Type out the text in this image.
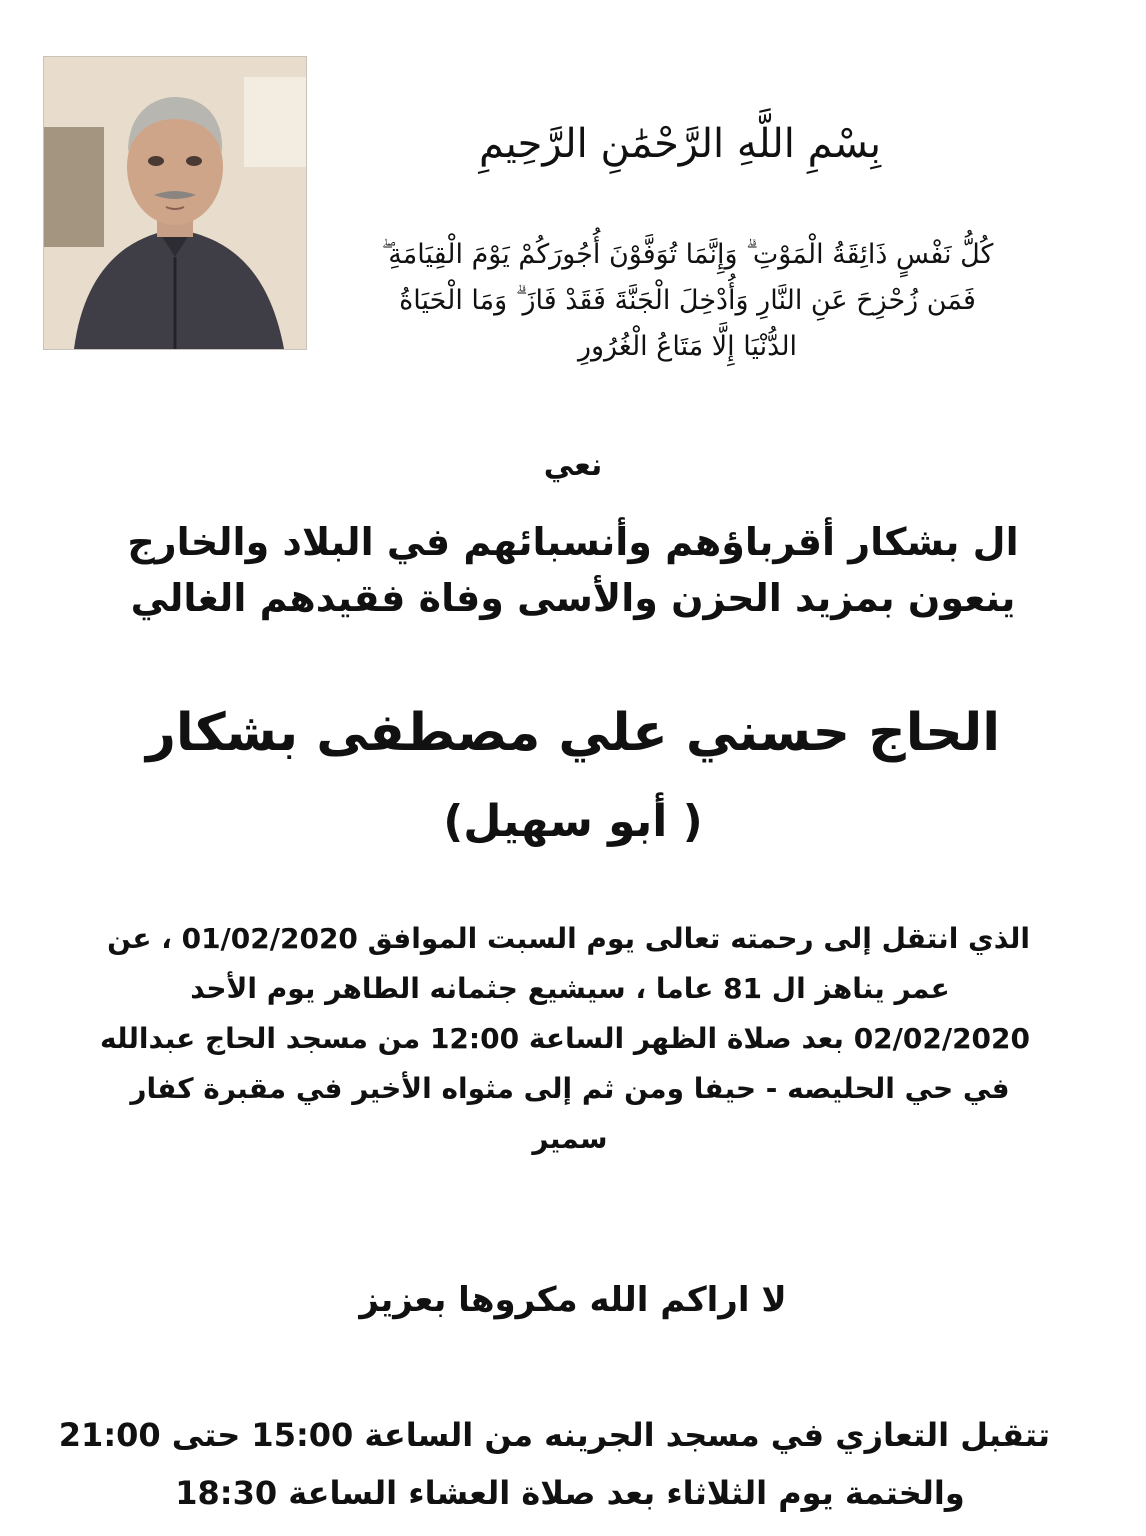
بِسْمِ اللَّهِ الرَّحْمَٰنِ الرَّحِيمِ
كُلُّ نَفْسٍ ذَائِقَةُ الْمَوْتِ ۗ وَإِنَّمَا تُوَفَّوْنَ أُجُورَكُمْ يَوْمَ الْقِيَامَةِ ۖ
فَمَن زُحْزِحَ عَنِ النَّارِ وَأُدْخِلَ الْجَنَّةَ فَقَدْ فَازَ ۗ وَمَا الْحَيَاةُ
الدُّنْيَا إِلَّا مَتَاعُ الْغُرُورِ
نعي
ال بشكار أقرباؤهم وأنسبائهم في البلاد والخارج
ينعون بمزيد الحزن والأسى وفاة فقيدهم الغالي
الحاج حسني علي مصطفى بشكار
( أبو سهيل)
الذي انتقل إلى رحمته تعالى يوم السبت الموافق 01/02/2020 ، عن
عمر يناهز ال 81 عاما ، سيشيع جثمانه الطاهر يوم الأحد
02/02/2020 بعد صلاة الظهر الساعة 12:00 من مسجد الحاج عبدالله
في حي الحليصه - حيفا ومن ثم إلى مثواه الأخير في مقبرة كفار
سمير
لا اراكم الله مكروها بعزيز
تتقبل التعازي في مسجد الجرينه من الساعة 15:00 حتى 21:00
والختمة يوم الثلاثاء بعد صلاة العشاء الساعة 18:30
